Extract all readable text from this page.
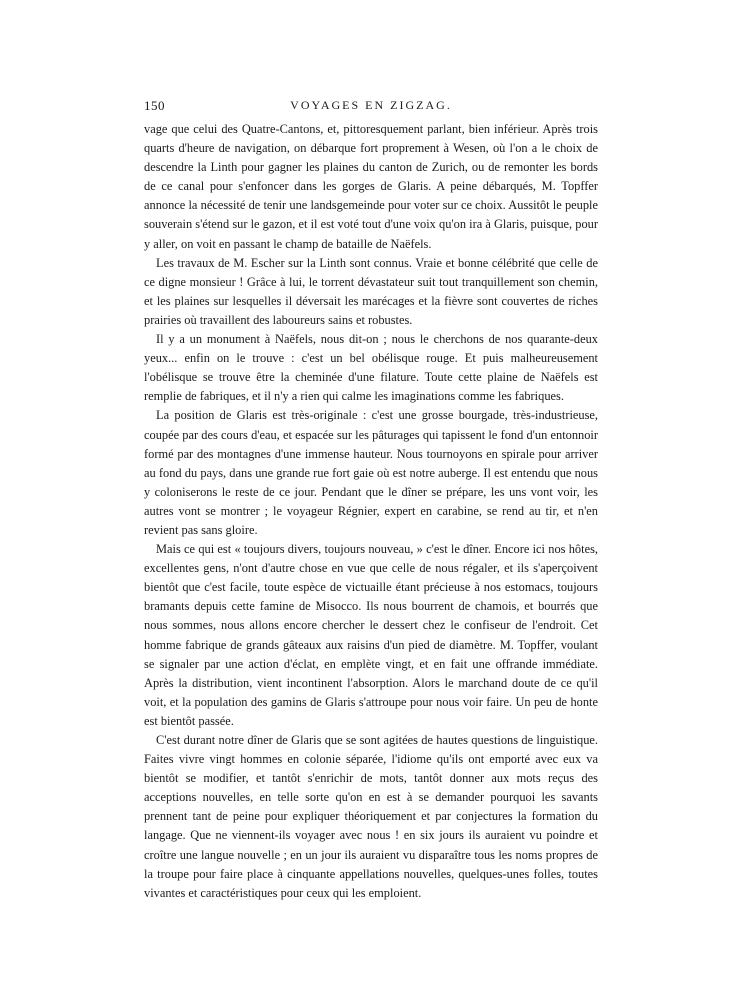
150	VOYAGES EN ZIGZAG.

vage que celui des Quatre-Cantons, et, pittoresquement parlant, bien inférieur. Après trois quarts d'heure de navigation, on débarque fort proprement à Wesen, où l'on a le choix de descendre la Linth pour gagner les plaines du canton de Zurich, ou de remonter les bords de ce canal pour s'enfoncer dans les gorges de Glaris. A peine débarqués, M. Topffer annonce la nécessité de tenir une landsgemeinde pour voter sur ce choix. Aussitôt le peuple souverain s'étend sur le gazon, et il est voté tout d'une voix qu'on ira à Glaris, puisque, pour y aller, on voit en passant le champ de bataille de Naëfels.

Les travaux de M. Escher sur la Linth sont connus. Vraie et bonne célébrité que celle de ce digne monsieur ! Grâce à lui, le torrent dévastateur suit tout tranquillement son chemin, et les plaines sur lesquelles il déversait les marécages et la fièvre sont couvertes de riches prairies où travaillent des laboureurs sains et robustes.

Il y a un monument à Naëfels, nous dit-on ; nous le cherchons de nos quarante-deux yeux... enfin on le trouve : c'est un bel obélisque rouge. Et puis malheureusement l'obélisque se trouve être la cheminée d'une filature. Toute cette plaine de Naëfels est remplie de fabriques, et il n'y a rien qui calme les imaginations comme les fabriques.

La position de Glaris est très-originale : c'est une grosse bourgade, très-industrieuse, coupée par des cours d'eau, et espacée sur les pâturages qui tapissent le fond d'un entonnoir formé par des montagnes d'une immense hauteur. Nous tournoyons en spirale pour arriver au fond du pays, dans une grande rue fort gaie où est notre auberge. Il est entendu que nous y coloniserons le reste de ce jour. Pendant que le dîner se prépare, les uns vont voir, les autres vont se montrer ; le voyageur Régnier, expert en carabine, se rend au tir, et n'en revient pas sans gloire.

Mais ce qui est « toujours divers, toujours nouveau, » c'est le dîner. Encore ici nos hôtes, excellentes gens, n'ont d'autre chose en vue que celle de nous régaler, et ils s'aperçoivent bientôt que c'est facile, toute espèce de victuaille étant précieuse à nos estomacs, toujours bramants depuis cette famine de Misocco. Ils nous bourrent de chamois, et bourrés que nous sommes, nous allons encore chercher le dessert chez le confiseur de l'endroit. Cet homme fabrique de grands gâteaux aux raisins d'un pied de diamètre. M. Topffer, voulant se signaler par une action d'éclat, en emplète vingt, et en fait une offrande immédiate. Après la distribution, vient incontinent l'absorption. Alors le marchand doute de ce qu'il voit, et la population des gamins de Glaris s'attroupe pour nous voir faire. Un peu de honte est bientôt passée.

C'est durant notre dîner de Glaris que se sont agitées de hautes questions de linguistique. Faites vivre vingt hommes en colonie séparée, l'idiome qu'ils ont emporté avec eux va bientôt se modifier, et tantôt s'enrichir de mots, tantôt donner aux mots reçus des acceptions nouvelles, en telle sorte qu'on en est à se demander pourquoi les savants prennent tant de peine pour expliquer théoriquement et par conjectures la formation du langage. Que ne viennent-ils voyager avec nous ! en six jours ils auraient vu poindre et croître une langue nouvelle ; en un jour ils auraient vu disparaître tous les noms propres de la troupe pour faire place à cinquante appellations nouvelles, quelques-unes folles, toutes vivantes et caractéristiques pour ceux qui les emploient.
